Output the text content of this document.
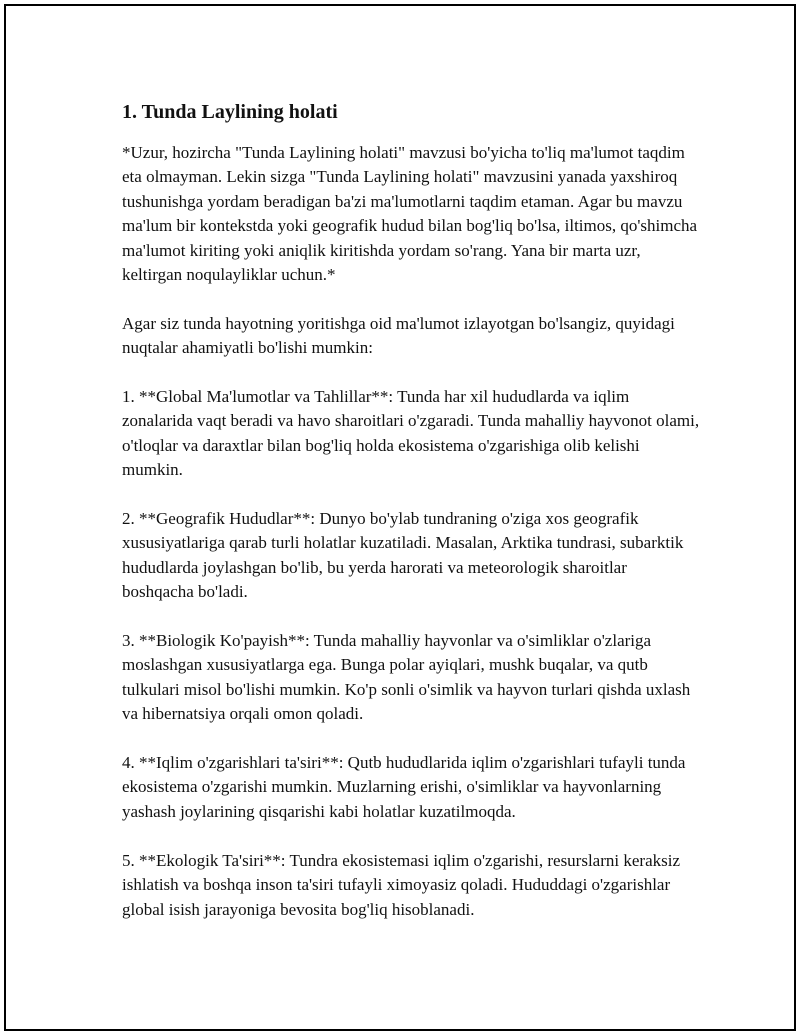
1. Tunda Laylining holati

*Uzur, hozircha "Tunda Laylining holati" mavzusi bo'yicha to'liq ma'lumot taqdim eta olmayman. Lekin sizga "Tunda Laylining holati" mavzusini yanada yaxshiroq tushunishga yordam beradigan ba'zi ma'lumotlarni taqdim etaman. Agar bu mavzu ma'lum bir kontekstda yoki geografik hudud bilan bog'liq bo'lsa, iltimos, qo'shimcha ma'lumot kiriting yoki aniqlik kiritishda yordam so'rang. Yana bir marta uzr, keltirgan noqulayliklar uchun.*

Agar siz tunda hayotning yoritishga oid ma'lumot izlayotgan bo'lsangiz, quyidagi nuqtalar ahamiyatli bo'lishi mumkin:

1. **Global Ma'lumotlar va Tahlillar**: Tunda har xil hududlarda va iqlim zonalarida vaqt beradi va havo sharoitlari o'zgaradi. Tunda mahalliy hayvonot olami, o'tloqlar va daraxtlar bilan bog'liq holda ekosistema o'zgarishiga olib kelishi mumkin.

2. **Geografik Hududlar**: Dunyo bo'ylab tundraning o'ziga xos geografik xususiyatlariga qarab turli holatlar kuzatiladi. Masalan, Arktika tundrasi, subarktik hududlarda joylashgan bo'lib, bu yerda harorati va meteorologik sharoitlar boshqacha bo'ladi.

3. **Biologik Ko'payish**: Tunda mahalliy hayvonlar va o'simliklar o'zlariga moslashgan xususiyatlarga ega. Bunga polar ayiqlari, mushk buqalar, va qutb tulkulari misol bo'lishi mumkin. Ko'p sonli o'simlik va hayvon turlari qishda uxlash va hibernatsiya orqali omon qoladi.

4. **Iqlim o'zgarishlari ta'siri**: Qutb hududlarida iqlim o'zgarishlari tufayli tunda ekosistema o'zgarishi mumkin. Muzlarning erishi, o'simliklar va hayvonlarning yashash joylarining qisqarishi kabi holatlar kuzatilmoqda.

5. **Ekologik Ta'siri**: Tundra ekosistemasi iqlim o'zgarishi, resurslarni keraksiz ishlatish va boshqa inson ta'siri tufayli ximoyasiz qoladi. Hududdagi o'zgarishlar global isish jarayoniga bevosita bog'liq hisoblanadi.
